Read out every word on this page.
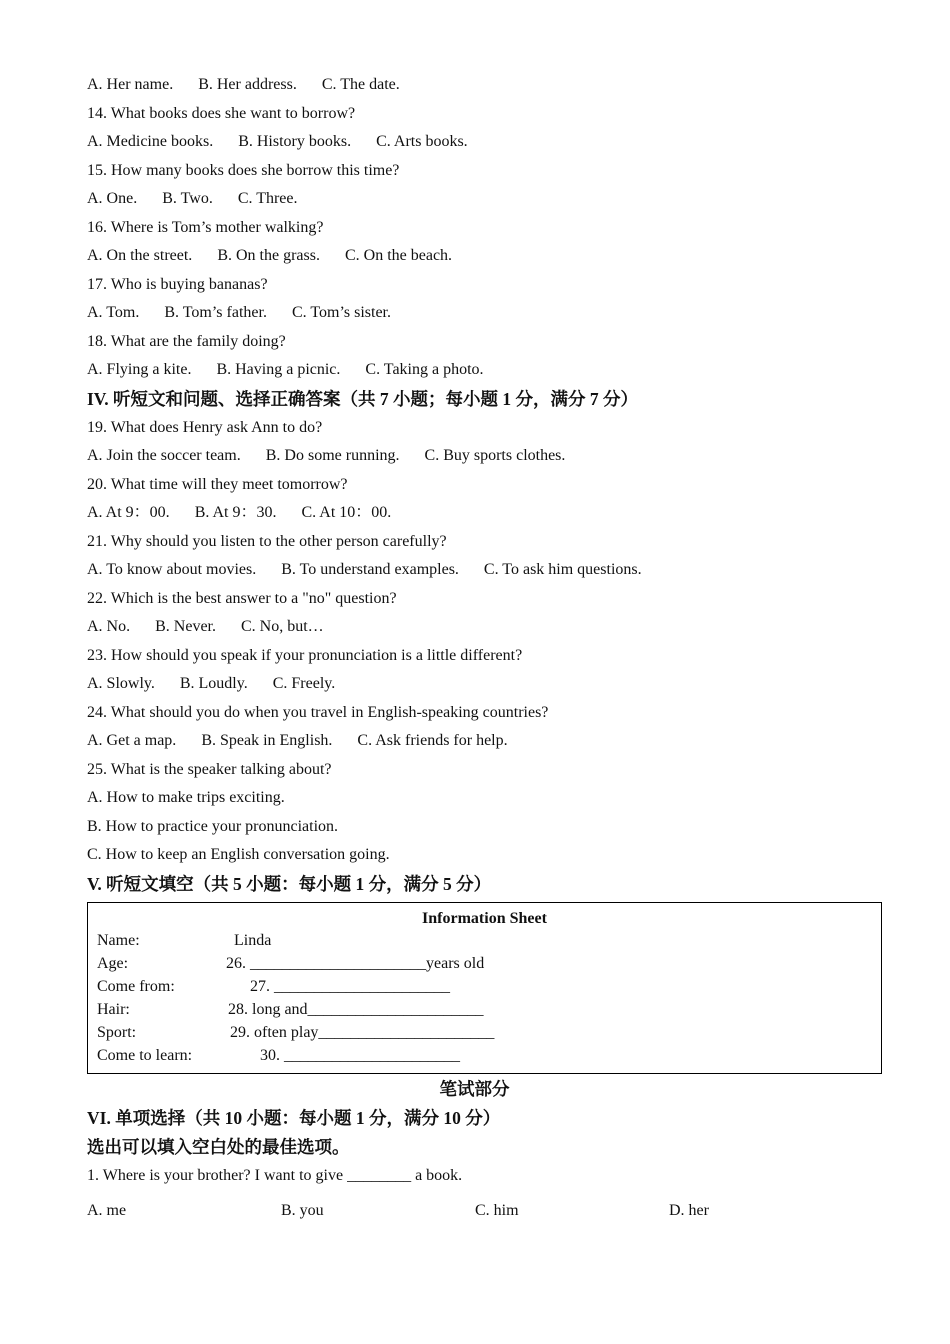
A. Her name. B. Her address. C. The date.
14. What books does she want to borrow?
A. Medicine books. B. History books. C. Arts books.
15. How many books does she borrow this time?
A. One. B. Two. C. Three.
16. Where is Tom’s mother walking?
A. On the street. B. On the grass. C. On the beach.
17. Who is buying bananas?
A. Tom. B. Tom’s father. C. Tom’s sister.
18. What are the family doing?
A. Flying a kite. B. Having a picnic. C. Taking a photo.
IV. 听短文和问题、选择正确答案（共 7 小题；每小题 1 分，满分 7 分）
19. What does Henry ask Ann to do?
A. Join the soccer team. B. Do some running. C. Buy sports clothes.
20. What time will they meet tomorrow?
A. At 9：00. B. At 9：30. C. At 10：00.
21. Why should you listen to the other person carefully?
A. To know about movies. B. To understand examples. C. To ask him questions.
22. Which is the best answer to a "no" question?
A. No. B. Never. C. No, but…
23. How should you speak if your pronunciation is a little different?
A. Slowly. B. Loudly. C. Freely.
24. What should you do when you travel in English-speaking countries?
A. Get a map. B. Speak in English. C. Ask friends for help.
25. What is the speaker talking about?
A. How to make trips exciting.
B. How to practice your pronunciation.
C. How to keep an English conversation going.
V. 听短文填空（共 5 小题：每小题 1 分，满分 5 分）
Information Sheet
Name:	Linda
Age:	26. ______________________years old
Come from:	27. ______________________
Hair:	28. long and______________________
Sport:	29. often play______________________
Come to learn:	30. ______________________
笔试部分
VI. 单项选择（共 10 小题：每小题 1 分，满分 10 分）
选出可以填入空白处的最佳选项。
1. Where is your brother? I want to give ________ a book.
A. me	B. you	C. him	D. her
